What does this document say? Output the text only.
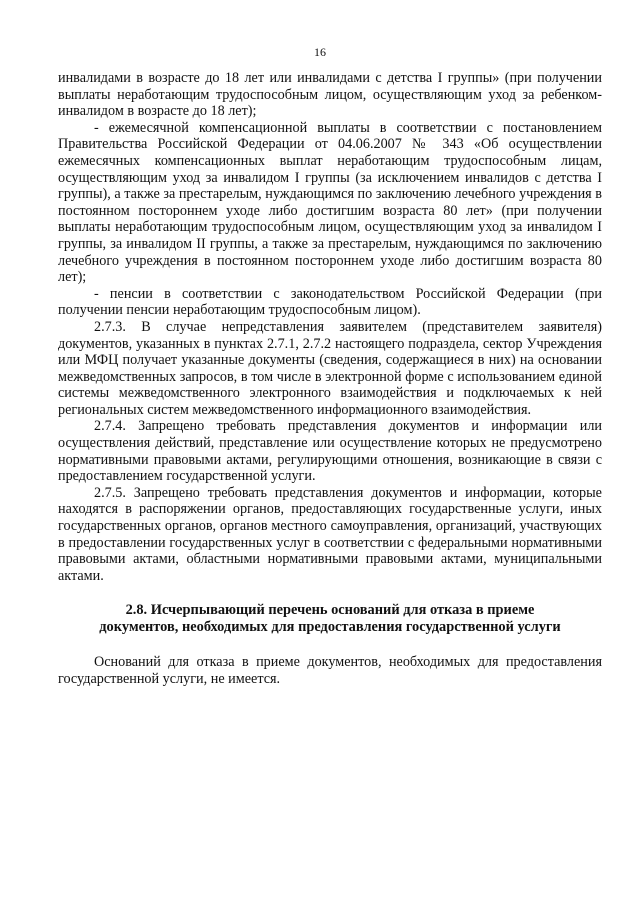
16

инвалидами в возрасте до 18 лет или инвалидами с детства I группы» (при получении выплаты неработающим трудоспособным лицом, осуществляющим уход за ребенком-инвалидом в возрасте до 18 лет);

- ежемесячной компенсационной выплаты в соответствии с постановлением Правительства Российской Федерации от 04.06.2007 № 343 «Об осуществлении ежемесячных компенсационных выплат неработающим трудоспособным лицам, осуществляющим уход за инвалидом I группы (за исключением инвалидов с детства I группы), а также за престарелым, нуждающимся по заключению лечебного учреждения в постоянном постороннем уходе либо достигшим возраста 80 лет» (при получении выплаты неработающим трудоспособным лицом, осуществляющим уход за инвалидом I группы, за инвалидом II группы, а также за престарелым, нуждающимся по заключению лечебного учреждения в постоянном постороннем уходе либо достигшим возраста 80 лет);

- пенсии в соответствии с законодательством Российской Федерации (при получении пенсии неработающим трудоспособным лицом).

2.7.3. В случае непредставления заявителем (представителем заявителя) документов, указанных в пунктах 2.7.1, 2.7.2 настоящего подраздела, сектор Учреждения или МФЦ получает указанные документы (сведения, содержащиеся в них) на основании межведомственных запросов, в том числе в электронной форме с использованием единой системы межведомственного электронного взаимодействия и подключаемых к ней региональных систем межведомственного информационного взаимодействия.

2.7.4. Запрещено требовать представления документов и информации или осуществления действий, представление или осуществление которых не предусмотрено нормативными правовыми актами, регулирующими отношения, возникающие в связи с предоставлением государственной услуги.

2.7.5. Запрещено требовать представления документов и информации, которые находятся в распоряжении органов, предоставляющих государственные услуги, иных государственных органов, органов местного самоуправления, организаций, участвующих в предоставлении государственных услуг в соответствии с федеральными нормативными правовыми актами, областными нормативными правовыми актами, муниципальными актами.

2.8. Исчерпывающий перечень оснований для отказа в приеме документов, необходимых для предоставления государственной услуги

Оснований для отказа в приеме документов, необходимых для предоставления государственной услуги, не имеется.
